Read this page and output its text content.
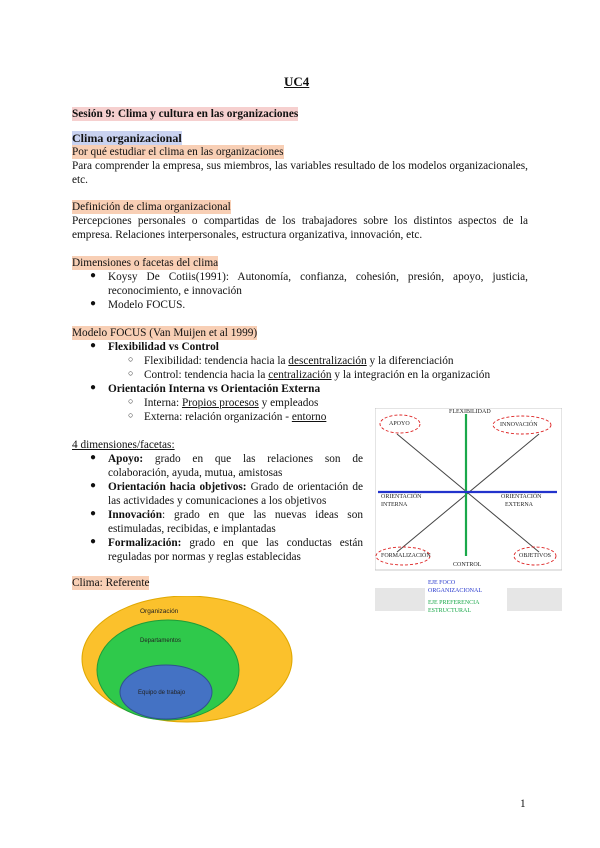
UC4
Sesión 9: Clima y cultura en las organizaciones
Clima organizacional
Por qué estudiar el clima en las organizaciones
Para comprender la empresa, sus miembros, las variables resultado de los modelos organizacionales, etc.
Definición de clima organizacional
Percepciones personales o compartidas de los trabajadores sobre los distintos aspectos de la empresa. Relaciones interpersonales, estructura organizativa, innovación, etc.
Dimensiones o facetas del clima
● Koysy De Cotiis(1991): Autonomía, confianza, cohesión, presión, apoyo, justicia, reconocimiento, e innovación
● Modelo FOCUS.
Modelo FOCUS (Van Muijen et al 1999)
● Flexibilidad vs Control
○ Flexibilidad: tendencia hacia la descentralización y la diferenciación
○ Control: tendencia hacia la centralización y la integración en la organización
● Orientación Interna vs Orientación Externa
○ Interna: Propios procesos y empleados
○ Externa: relación organización - entorno
4 dimensiones/facetas:
● Apoyo: grado en que las relaciones son de colaboración, ayuda, mutua, amistosas
● Orientación hacia objetivos: Grado de orientación de las actividades y comunicaciones a los objetivos
● Innovación: grado en que las nuevas ideas son estimuladas, recibidas, e implantadas
● Formalización: grado en que las conductas están reguladas por normas y reglas establecidas
FLEXIBILIDAD
APOYO	INNOVACIÓN
ORIENTACIÓN
INTERNA
ORIENTACIÓN
EXTERNA
FORMALIZACIÓN	OBJETIVOS
CONTROL
EJE FOCO
ORGANIZACIONAL
EJE PREFERENCIA
ESTRUCTURAL
Clima: Referente
Organización
Departamentos
Equipo de trabajo
1
